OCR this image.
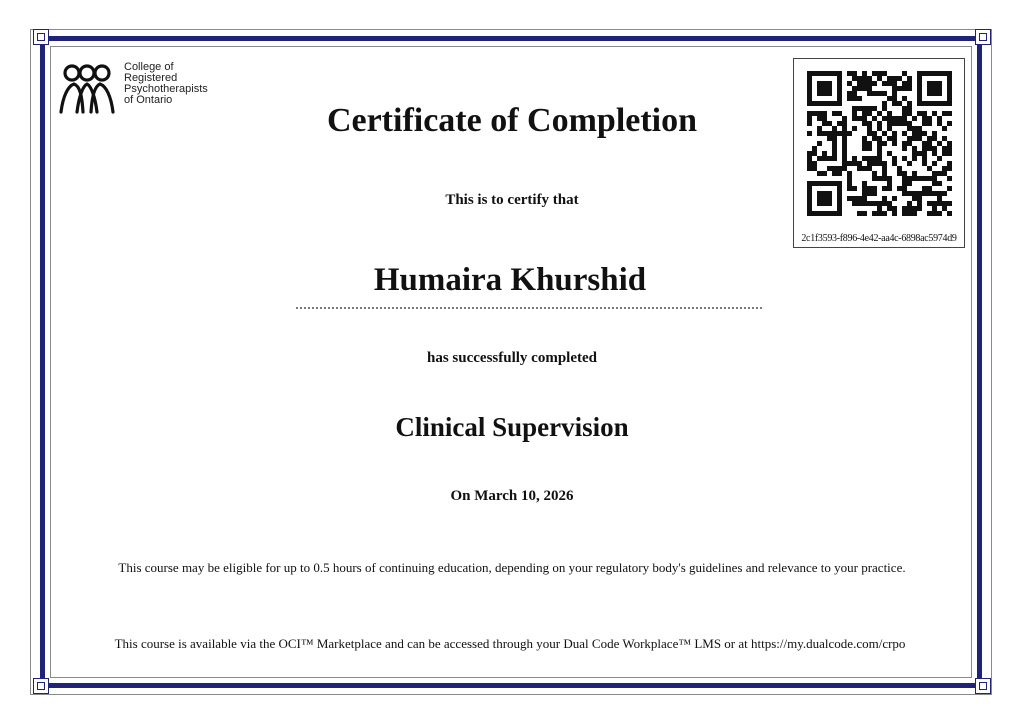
College of
Registered
Psychotherapists
of Ontario
2c1f3593-f896-4e42-aa4c-6898ac5974d9
Certificate of Completion

This is to certify that

Humaira Khurshid

has successfully completed

Clinical Supervision

On March 10, 2026

This course may be eligible for up to 0.5 hours of continuing education, depending on your regulatory body's guidelines and relevance to your practice.

This course is available via the OCI™ Marketplace and can be accessed through your Dual Code Workplace™ LMS or at https://my.dualcode.com/crpo
